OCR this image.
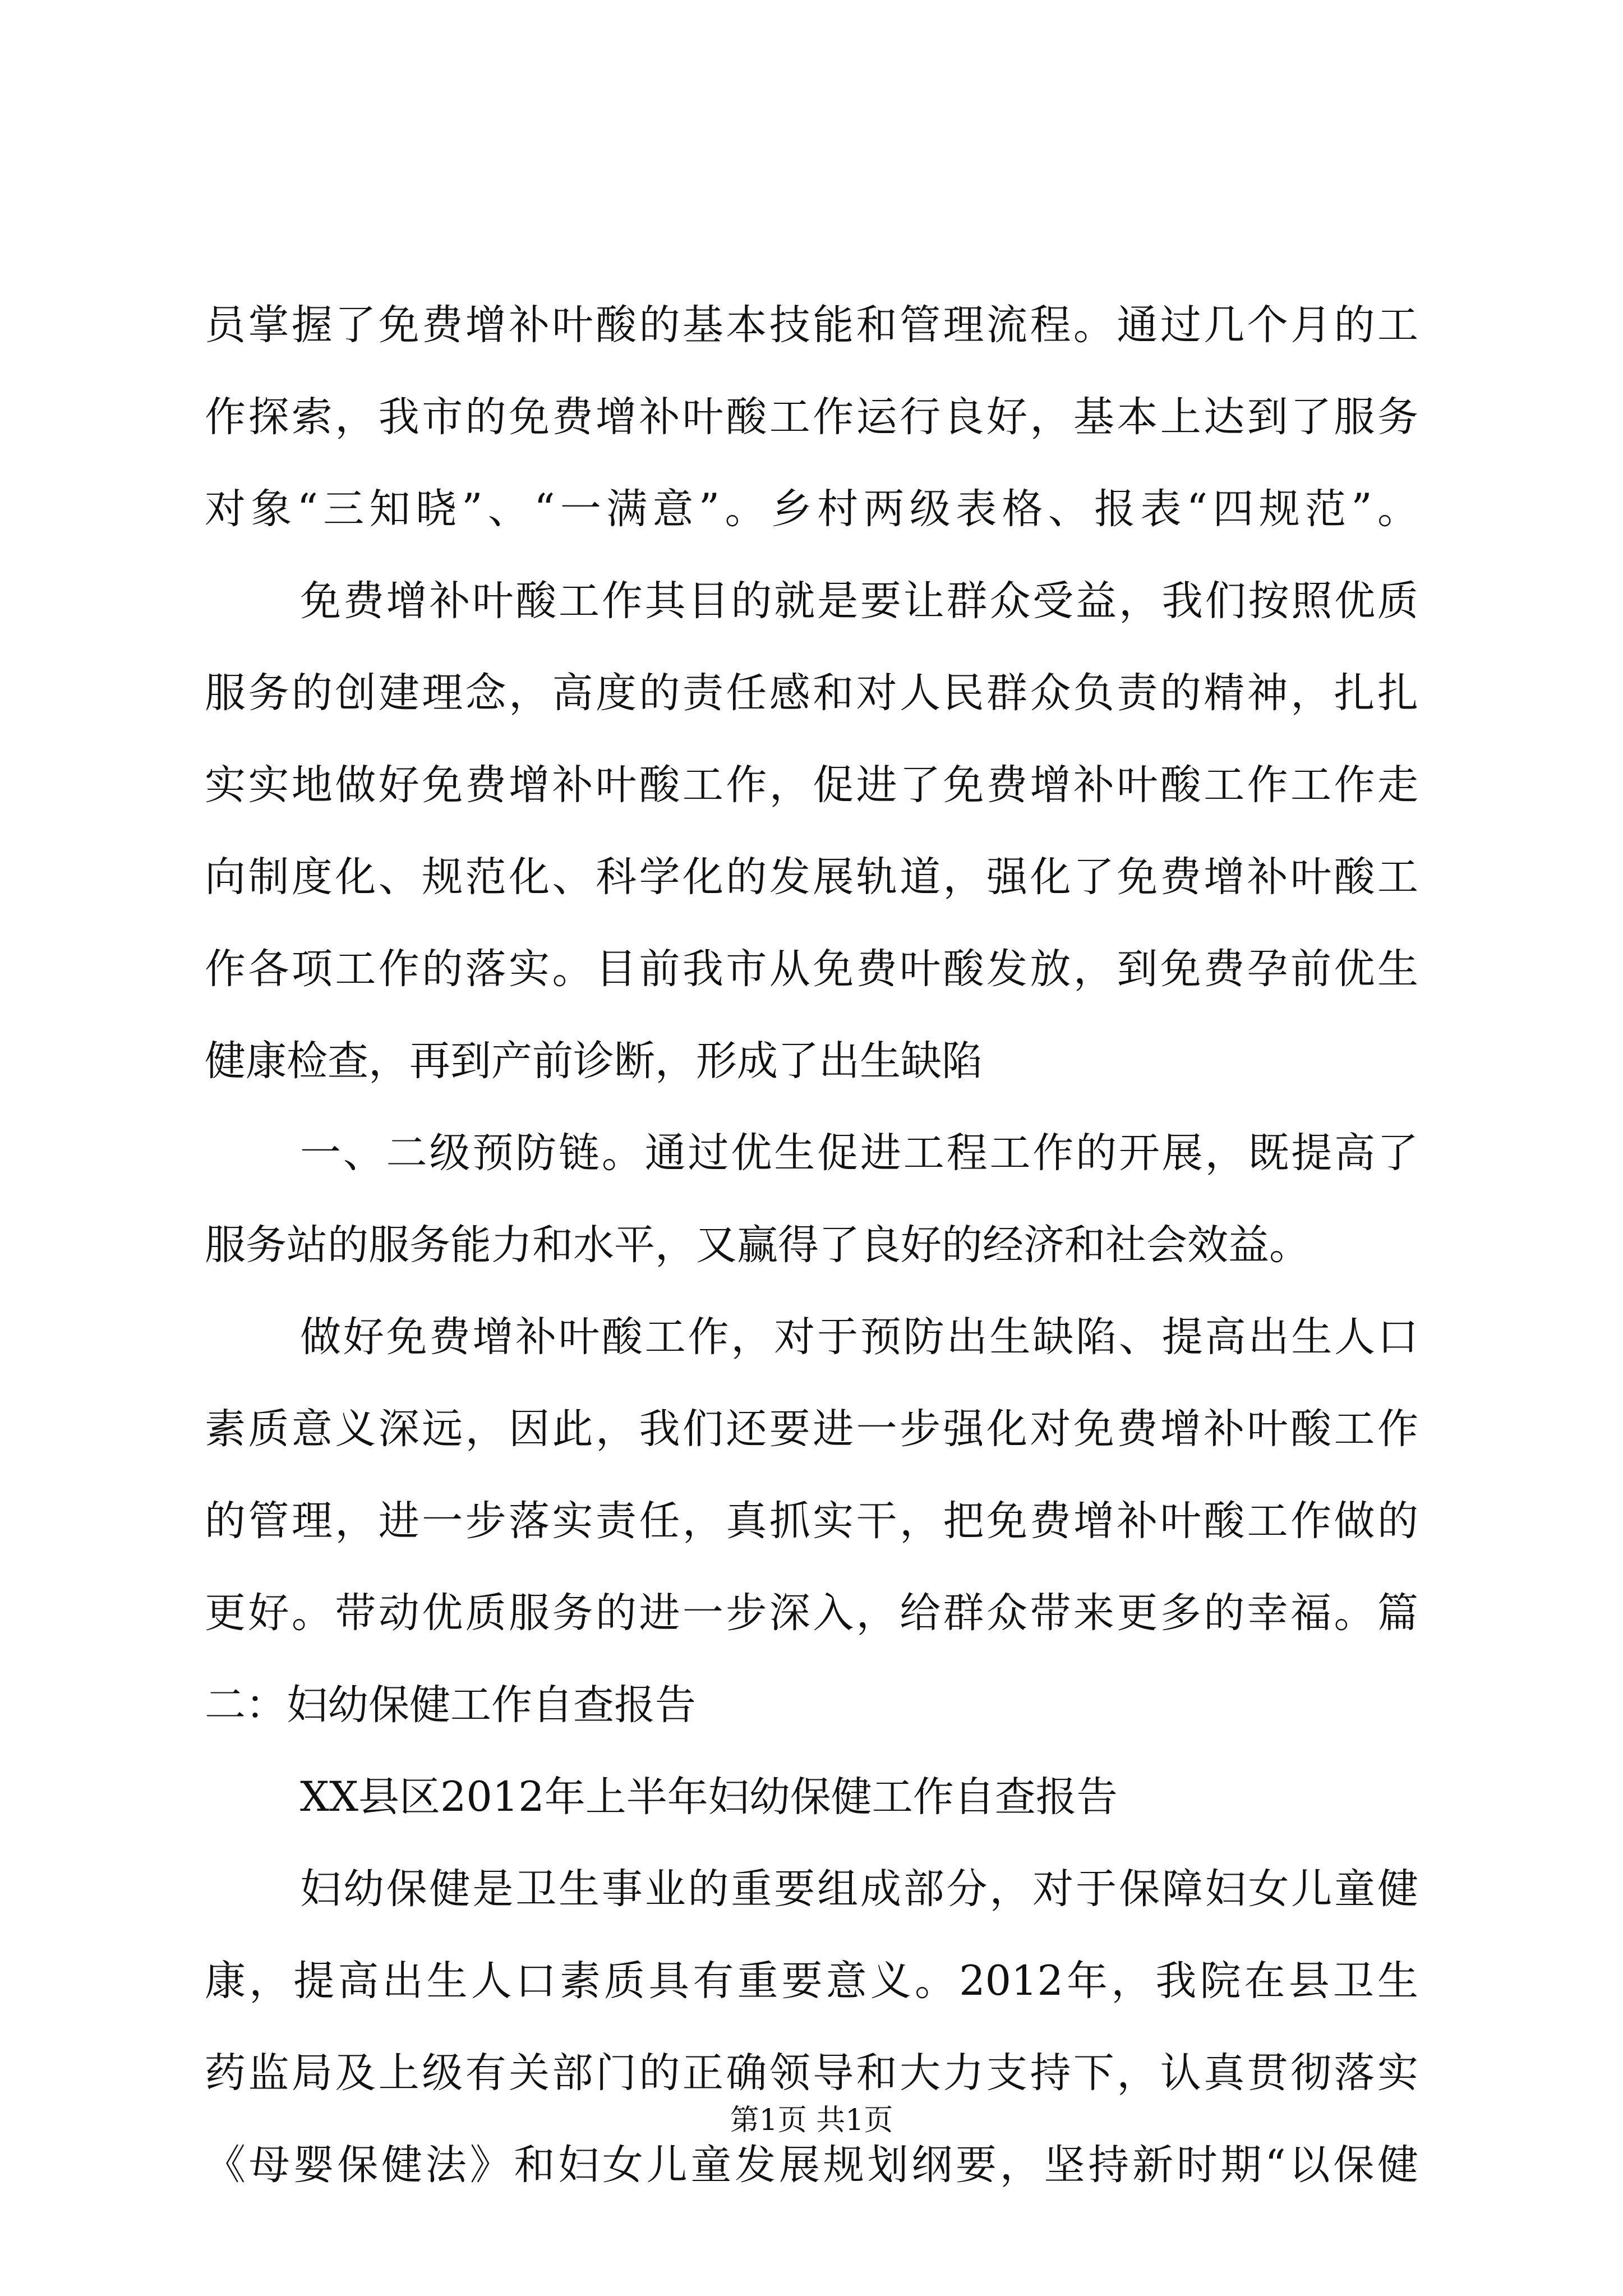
员掌握了免费增补叶酸的基本技能和管理流程。通过几个月的工
作探索，我市的免费增补叶酸工作运行良好，基本上达到了服务
对象“三知晓”、“一满意”。乡村两级表格、报表“四规范”。
免费增补叶酸工作其目的就是要让群众受益，我们按照优质
服务的创建理念，高度的责任感和对人民群众负责的精神，扎扎
实实地做好免费增补叶酸工作，促进了免费增补叶酸工作工作走
向制度化、规范化、科学化的发展轨道，强化了免费增补叶酸工
作各项工作的落实。目前我市从免费叶酸发放，到免费孕前优生
健康检查，再到产前诊断，形成了出生缺陷
一、二级预防链。通过优生促进工程工作的开展，既提高了
服务站的服务能力和水平，又赢得了良好的经济和社会效益。
做好免费增补叶酸工作，对于预防出生缺陷、提高出生人口
素质意义深远，因此，我们还要进一步强化对免费增补叶酸工作
的管理，进一步落实责任，真抓实干，把免费增补叶酸工作做的
更好。带动优质服务的进一步深入，给群众带来更多的幸福。篇
二：妇幼保健工作自查报告
XX县区2012年上半年妇幼保健工作自查报告
妇幼保健是卫生事业的重要组成部分，对于保障妇女儿童健
康，提高出生人口素质具有重要意义。2012年，我院在县卫生
药监局及上级有关部门的正确领导和大力支持下，认真贯彻落实
《母婴保健法》和妇女儿童发展规划纲要，坚持新时期“以保健
第1页 共1页
